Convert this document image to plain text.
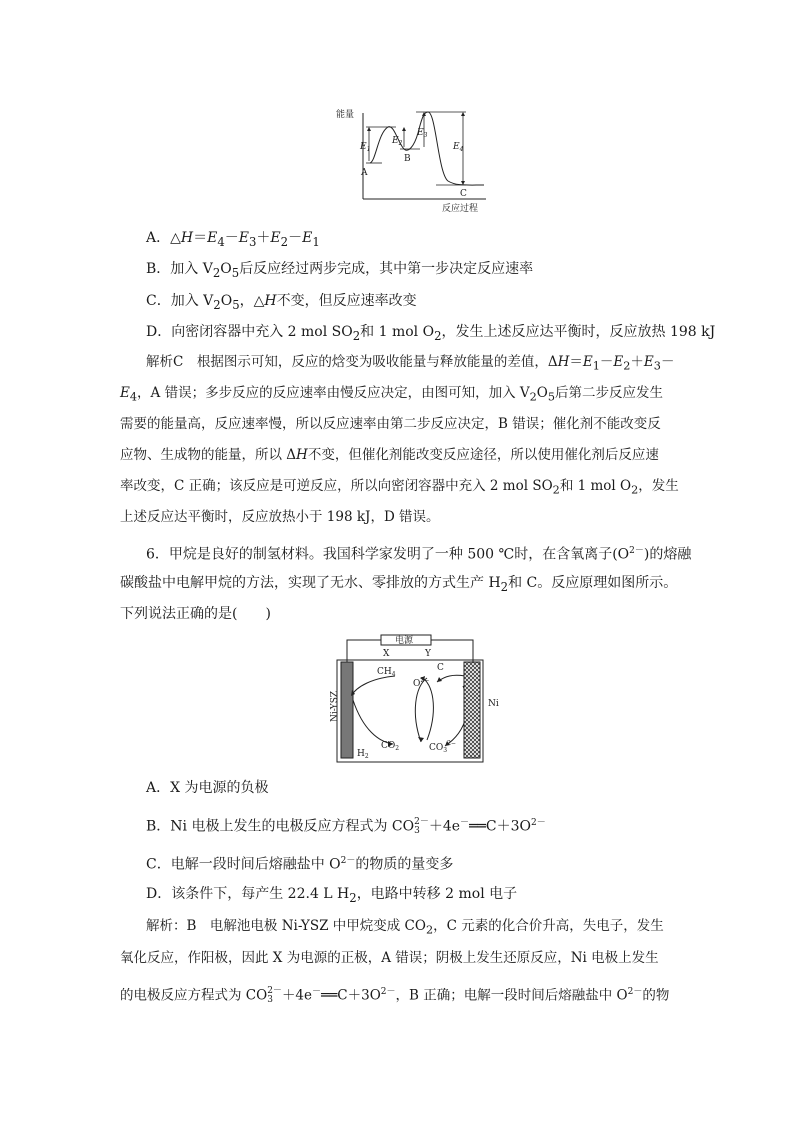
能量
反应过程
A
B
C
$E_1$
$E_2$
$E_3$
$E_4$
A．$\triangle H=E_4-E_3+E_2-E_1$
B．加入 $V_2O_5$后反应经过两步完成，其中第一步决定反应速率
C．加入 $V_2O_5$，△H不变，但反应速率改变
D．向密闭容器中充入 2 mol $SO_2$和 1 mol $O_2$，发生上述反应达平衡时，反应放热 198 kJ
解析C　根据图示可知，反应的焓变为吸收能量与释放能量的差值，$\Delta H=E_1-E_2+E_3-$
$E_4$，A 错误；多步反应的反应速率由慢反应决定，由图可知，加入 $V_2O_5$后第二步反应发生
需要的能量高，反应速率慢，所以反应速率由第二步反应决定，B 错误；催化剂不能改变反
应物、生成物的能量，所以 ΔH不变，但催化剂能改变反应途径，所以使用催化剂后反应速
率改变，C 正确；该反应是可逆反应，所以向密闭容器中充入 2 mol $SO_2$和 1 mol $O_2$，发生
上述反应达平衡时，反应放热小于 198 kJ，D 错误。
6．甲烷是良好的制氢材料。我国科学家发明了一种 500 ℃时，在含氧离子$(O^{2-})$的熔融
碳酸盐中电解甲烷的方法，实现了无水、零排放的方式生产 $H_2$和 C。反应原理如图所示。
下列说法正确的是(　　)
电源
X	Y
Ni-YSZ	Ni
$CH_4$
C
$O^{2-}$
$H_2$
$CO_2$	$CO_3^{2-}$
A．X 为电源的负极
B．Ni 电极上发生的电极反应方程式为 CO 2－
$3 +4e^-══C+3O^{2-}$
C．电解一段时间后熔融盐中 $O^{2-}$的物质的量变多
D．该条件下，每产生 22.4 L $H_2$，电路中转移 2 mol 电子
解析：B　电解池电极 Ni-YSZ 中甲烷变成 $CO_2$，C 元素的化合价升高，失电子，发生
氧化反应，作阳极，因此 X 为电源的正极，A 错误；阴极上发生还原反应，Ni 电极上发生
的电极反应方程式为 CO 2－
$3 +4e^-══C+3O^{2-}$，B 正确；电解一段时间后熔融盐中 $O^{2-}$的物
